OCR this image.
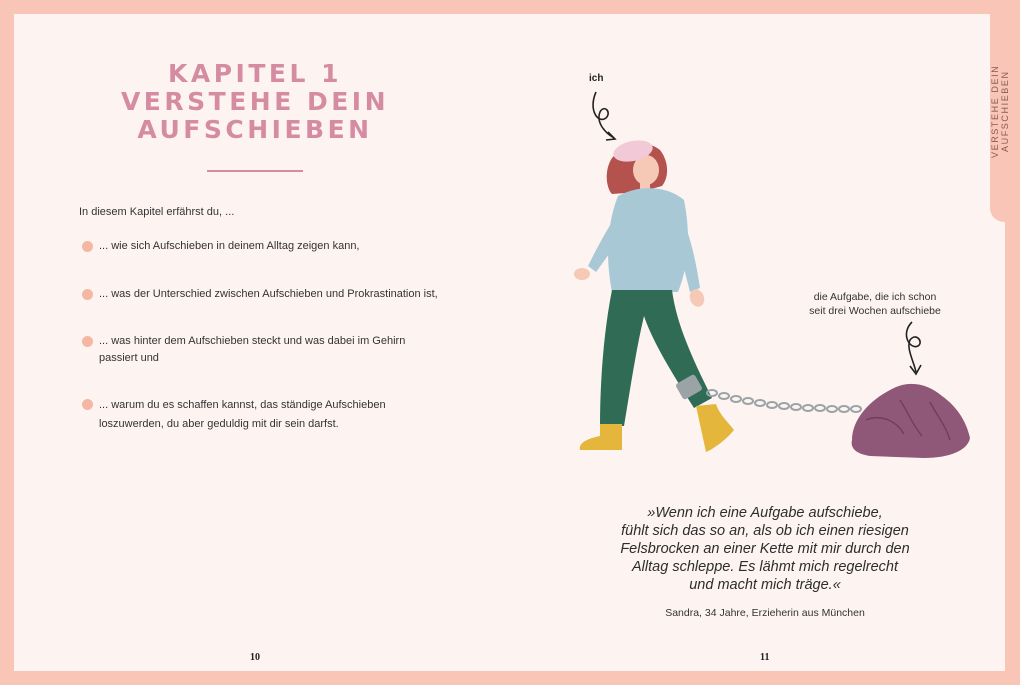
VERSTEHE DEIN AUFSCHIEBEN
KAPITEL 1
VERSTEHE DEIN
AUFSCHIEBEN
In diesem Kapitel erfährst du, ...
... wie sich Aufschieben in deinem Alltag zeigen kann,
... was der Unterschied zwischen Aufschieben und Prokrastination ist,
... was hinter dem Aufschieben steckt und was dabei im Gehirn passiert und
... warum du es schaffen kannst, das ständige Aufschieben loszuwerden, du aber geduldig mit dir sein darfst.
10
ich
die Aufgabe, die ich schon
seit drei Wochen aufschiebe
»Wenn ich eine Aufgabe aufschiebe,
fühlt sich das so an, als ob ich einen riesigen
Felsbrocken an einer Kette mit mir durch den
Alltag schleppe. Es lähmt mich regelrecht
und macht mich träge.«
Sandra, 34 Jahre, Erzieherin aus München
11
